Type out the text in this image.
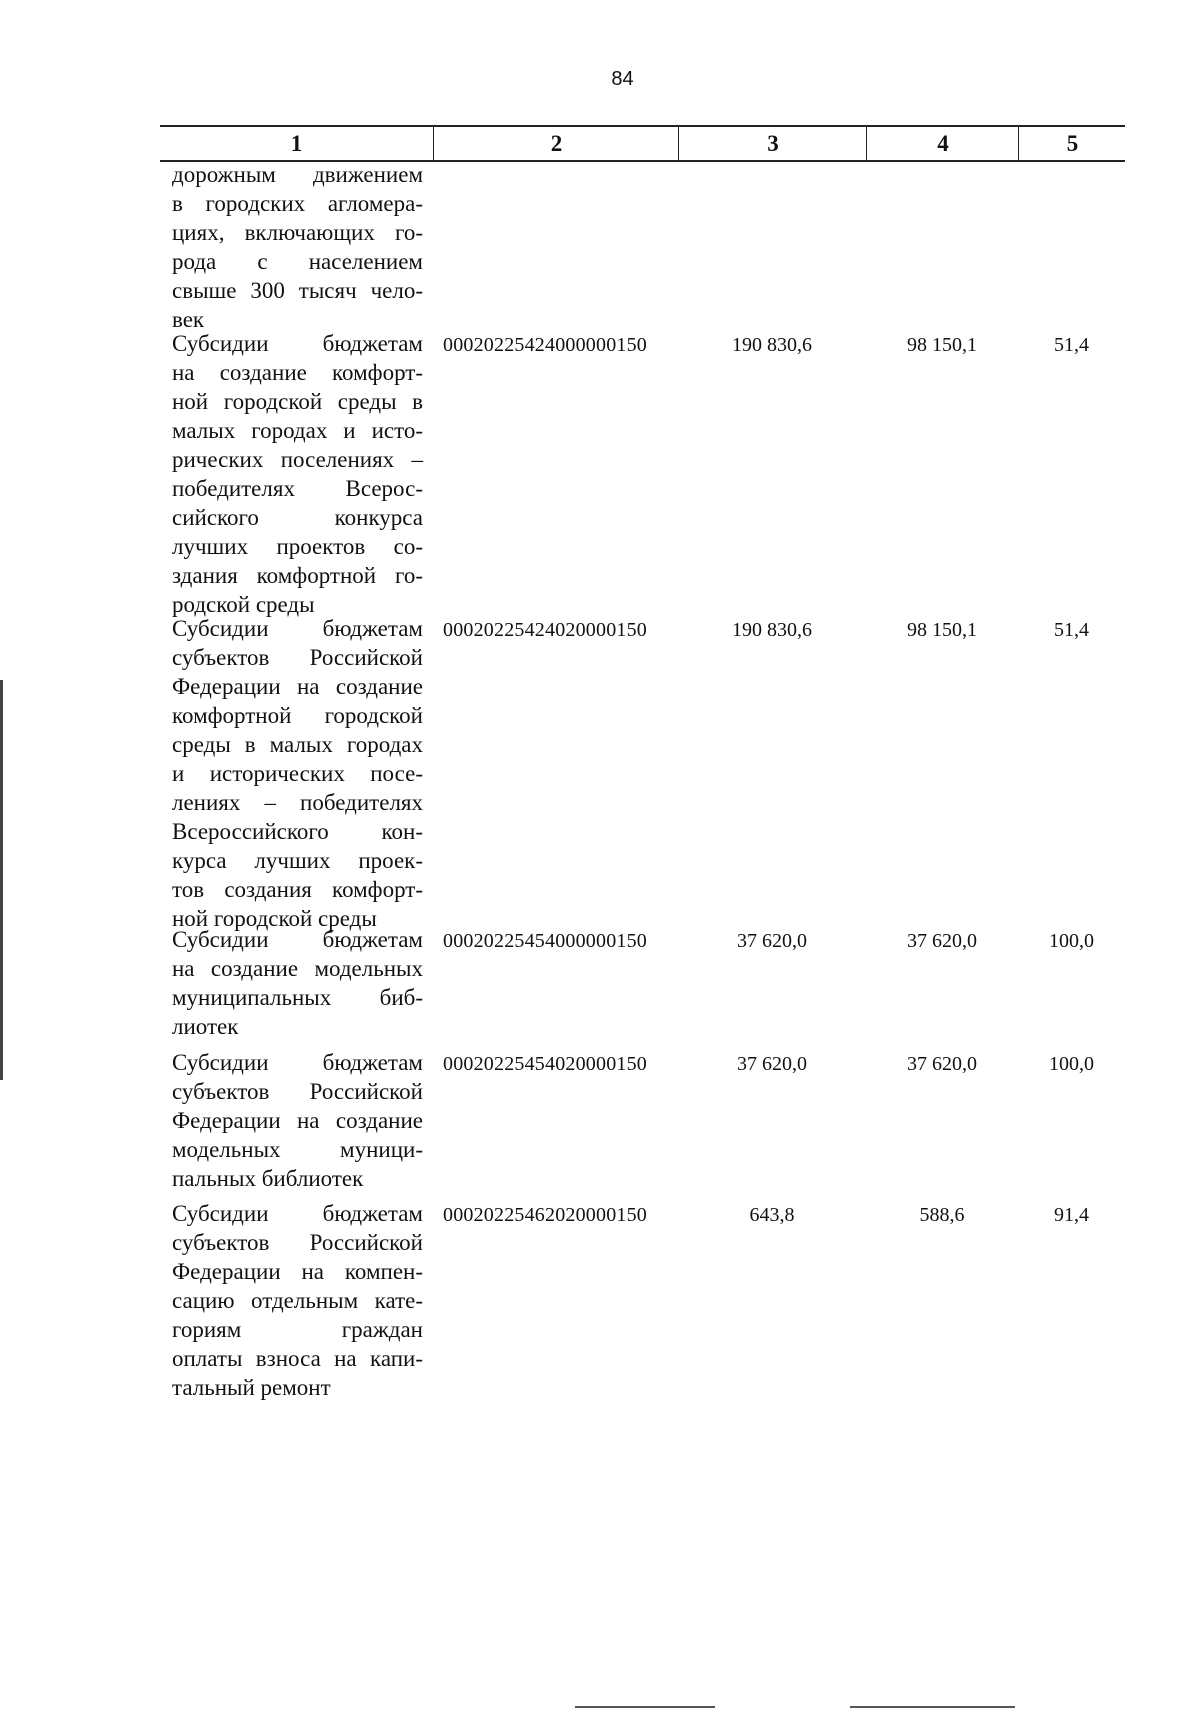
84
1	2	3	4	5
дорожным движением
в городских агломера-
циях, включающих го-
рода с населением
свыше 300 тысяч чело-
век
Субсидии бюджетам
на создание комфорт-
ной городской среды в
малых городах и исто-
рических поселениях –
победителях Всерос-
сийского конкурса
лучших проектов со-
здания комфортной го-
родской среды
00020225424000000150	190 830,6	98 150,1	51,4
Субсидии бюджетам
субъектов Российской
Федерации на создание
комфортной городской
среды в малых городах
и исторических посе-
лениях – победителях
Всероссийского кон-
курса лучших проек-
тов создания комфорт-
ной городской среды
00020225424020000150	190 830,6	98 150,1	51,4
Субсидии бюджетам
на создание модельных
муниципальных биб-
лиотек
00020225454000000150	37 620,0	37 620,0	100,0
Субсидии бюджетам
субъектов Российской
Федерации на создание
модельных муници-
пальных библиотек
00020225454020000150	37 620,0	37 620,0	100,0
Субсидии бюджетам
субъектов Российской
Федерации на компен-
сацию отдельным кате-
гориям граждан
оплаты взноса на капи-
тальный ремонт
00020225462020000150	643,8	588,6	91,4
